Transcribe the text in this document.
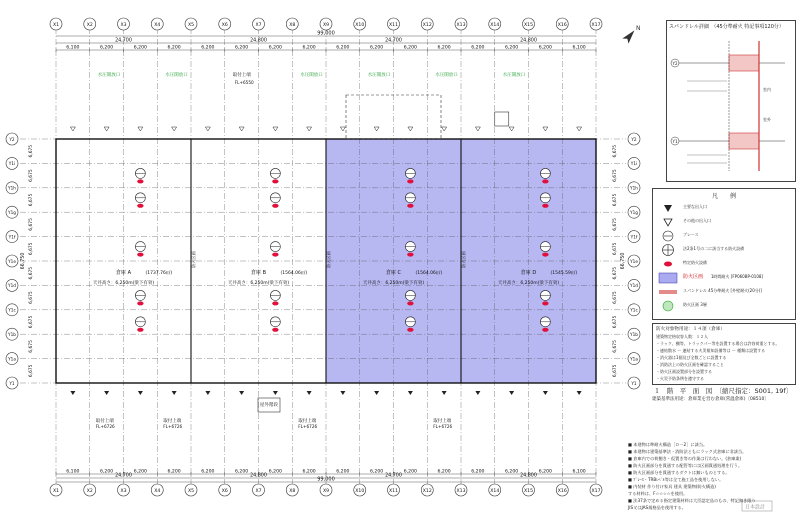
X1
X1
X2
X2
X3
X3
X4
X4
X5
X5
X6
X6
X7
X7
X8
X8
X9
X9
X10
X10
X11
X11
X12
X12
X13
X13
X14
X14
X15
X15
X16
X16
X17
X17
Y2	Y2
Y1i	Y1i
Y1h	Y1h
Y1g	Y1g
Y1f	Y1f
Y1e	Y1e
Y1d	Y1d
Y1c	Y1c
Y1b	Y1b
Y1a	Y1a
Y1	Y1
6,100	6,200	6,200	6,200	6,200	6,200	6,200	6,200	6,200	6,200	6,200	6,200	6,200	6,200	6,200	6,100
6,100	6,200	6,200	6,200	6,200	6,200	6,200	6,200	6,200	6,200	6,200	6,200	6,200	6,200	6,200	6,100
99,000
99,000
24,700	24,800	24,700	24,800
24,700	24,800	24,700	24,800
6,675	6,675
6,675	6,675
6,675	6,675
6,675	6,675
6,675	6,675
6,675	6,675
6,675	6,675
6,675	6,675
6,675	6,675
6,675	6,675
66,750	66,750
倉庫 A	(1737.76㎡)
天井高さ：6,250m(梁下有効)
倉庫 B	(1564.06㎡)
天井高さ：6,250m(梁下有効)
倉庫 C	(1564.06㎡)
天井高さ：6,250m(梁下有効)
倉庫 D	(1545.59㎡)
天井高さ：6,250m(梁下有効)
水圧開放口	水圧開放口	取付上端	水圧開放口	水圧開放口	水圧開放口	水圧開放口
FL+6550
取付上端
FL+6726
取付上端
FL+6726
取付上端
FL+6726
取付上端
FL+6726
防火区画	防火区画	防火区画
N
屋外階段
日本設計
スパンドレル詳細　（45分準耐火 特記事項120分）
Y2
Y1
室内
室外
凡　　例
主要な出入口
その他の出入口
ブレース
法2条1号の二に該当する防火設備
特定防火設備
防火区画 1時間耐火 [FP060BP-0108]
スパンドレル 45分準耐火 [外壁耐火(20分)]
防火区画 3層
防火対象物用途：１４項（倉庫）
建築物定格収容人数：１２人
・ラック、棚等、トラックパー等を設置する場合は許容荷重とする。
・連結散水 ー 連結する火災報知設備等は ー 種類は設置する
・消火器は1個及び全数ごとに設置する
・消防法上の防火区画を確認すること
・防火区画設置部分を設置する
・火災予防条例を遵守する
１　階　平　面　図　〔縮尺指定：S001, 19f〕
建築基準法用途：倉庫業を営む倉庫(常温倉庫)〔08510〕
■ 本建物は準耐火構造［ロ－2］に該当。
■ 本建物は建築基準法・消防法ともにラック式倉庫に非該当。
■ 倉庫内での荷捌き・仮置き等の作業は行わない。(倉庫業)
■ 防火区画部分を貫通する配管等には区画貫通処理を行う。
■ 防火区画部分を貫通するダクトは無いものとする。
■ ﾌﾞﾚｰｽ・TRBﾚﾍﾞﾙ等は全て施工品を使用しない。
■ 内装材 作り付け家具 建具 建築物(防火構造)
する材料は、F☆☆☆☆を使用。
■ 法37条で定める指定建築材料は大臣認定品のもの、特記無き限り
JIS又はJAS規格品を使用する。
